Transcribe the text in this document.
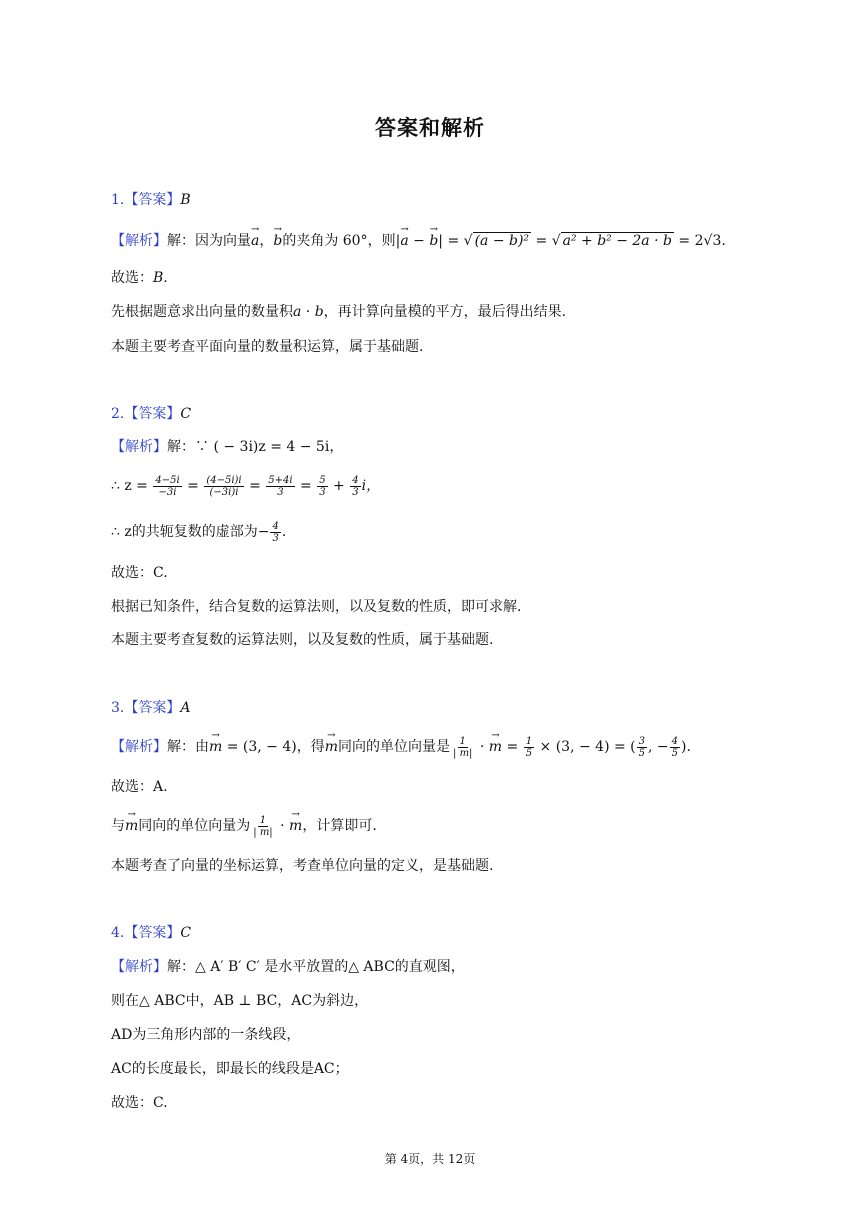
答案和解析
1.【答案】B
【解析】解：因为向量→ a，→ b的夹角为 60°，则|→ a − → b| = √ (a − b)² = √ a² + b² − 2a · b = 2√3.
故选：B.
先根据题意求出向量的数量积a · b，再计算向量模的平方，最后得出结果.
本题主要考查平面向量的数量积运算，属于基础题.
2.【答案】C
【解析】解：∵ ( − 3i)z = 4 − 5i，
∴ $z = \frac{4-5i}{-3i} = \frac{(4-5i)i}{(-3i)i} = \frac{5+4i}{3} = \frac{5}{3} + \frac{4}{3}$ i，
∴ z的共轭复数的虚部为− $\frac{4}{3}$ .
故选：C.
根据已知条件，结合复数的运算法则，以及复数的性质，即可求解.
本题主要考查复数的运算法则，以及复数的性质，属于基础题.
3.【答案】A
【解析】解：由→ m = (3, − 4)，得→ m同向的单位向量是 $\frac{1}{| m|}$ · → $m = \frac{1}{5} \times (3$, − 4) = ( $\frac{3}{5}$ , − $\frac{4}{5}$ ).
故选：A.
与→ m同向的单位向量为 $\frac{1}{| m|}$ · → m，计算即可.
本题考查了向量的坐标运算，考查单位向量的定义，是基础题.
4.【答案】C
【解析】解：△ A′ B′ C′ 是水平放置的△ ABC的直观图，
则在△ ABC中，AB ⊥ BC，AC为斜边，
AD为三角形内部的一条线段，
AC的长度最长，即最长的线段是AC；
故选：C.
第 4页，共 12页
